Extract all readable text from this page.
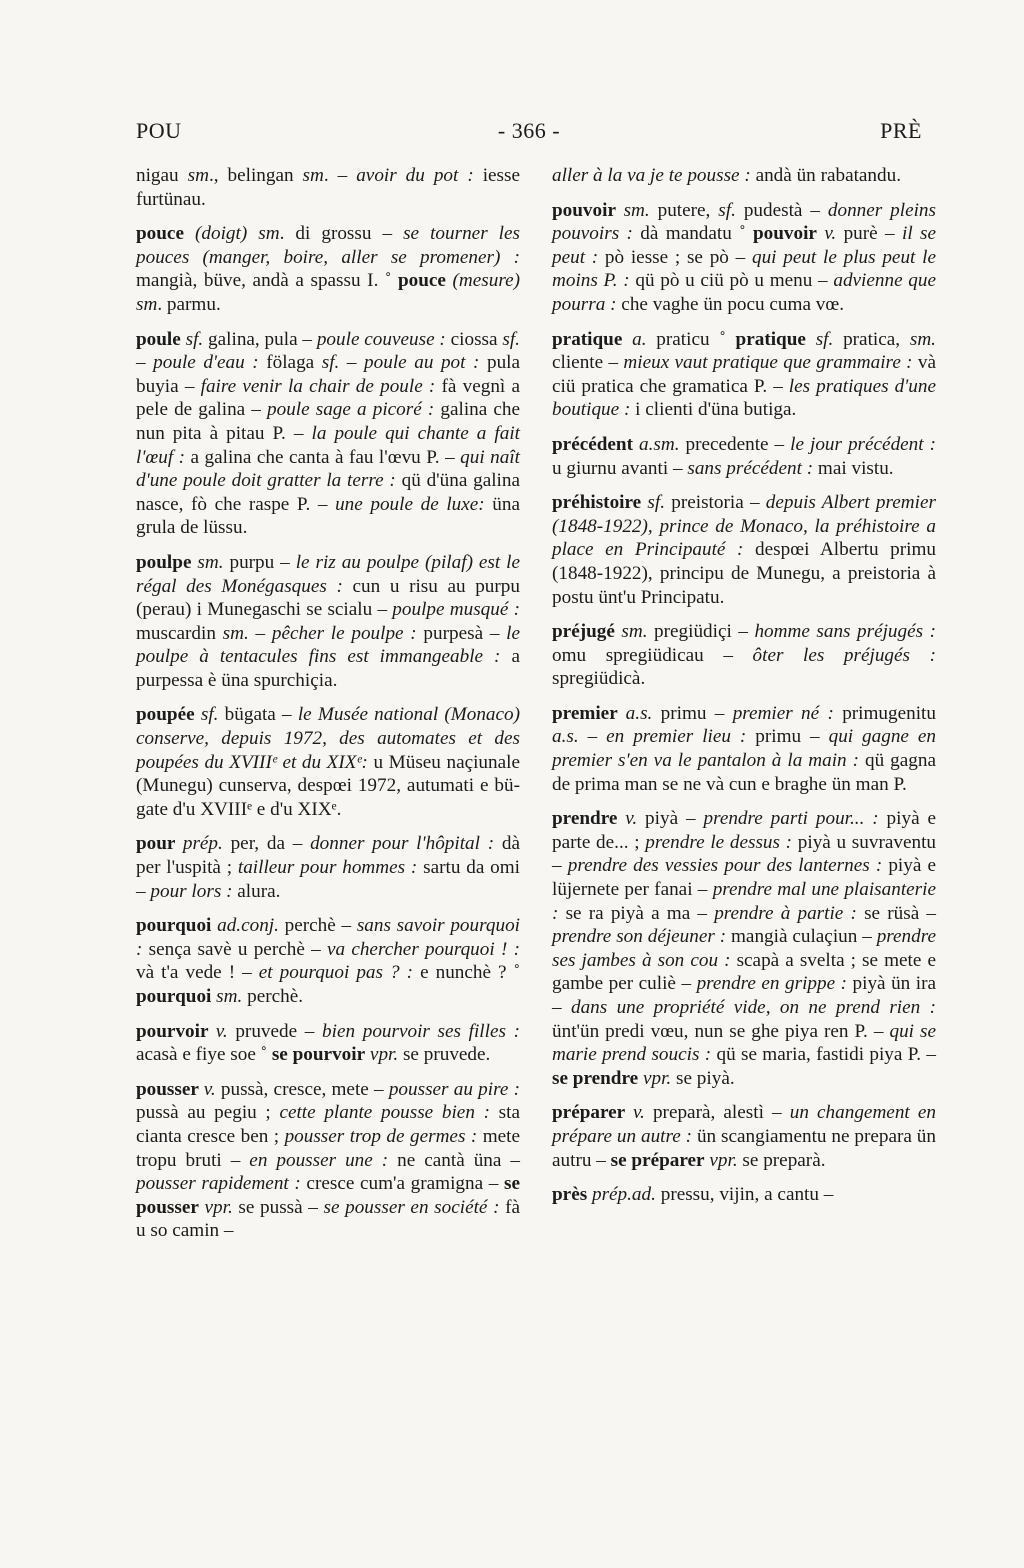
POU	- 366 -	PRÈ

nigau sm., belingan sm. – avoir du pot : iesse furtünau.

pouce (doigt) sm. di grossu – se tourner les pouces (manger, boire, aller se promener) : mangià, büve, andà a spassu I. ˚ pouce (mesure) sm. parmu.

poule sf. galina, pula – poule couveuse : ciossa sf. – poule d'eau : fölaga sf. – poule au pot : pula buyia – faire venir la chair de poule : fà vegnì a pele de galina – poule sage a picoré : galina che nun pita à pitau P. – la poule qui chante a fait l'œuf : a galina che canta à fau l'œvu P. – qui naît d'une poule doit gratter la terre : qü d'üna galina nasce, fò che raspe P. – une poule de luxe: üna grula de lüssu.

poulpe sm. purpu – le riz au poulpe (pilaf) est le régal des Monégasques : cun u risu au purpu (perau) i Munegaschi se scialu – poulpe musqué : muscardin sm. – pêcher le poulpe : purpesà – le poulpe à tentacules fins est immangeable : a purpessa è üna spurchiçia.

poupée sf. bügata – le Musée national (Monaco) conserve, depuis 1972, des automates et des poupées du XVIIIᵉ et du XIXᵉ: u Müseu naçiunale (Munegu) cunserva, despœi 1972, autumati e bügate d'u XVIIIᵉ e d'u XIXᵉ.

pour prép. per, da – donner pour l'hôpital : dà per l'uspità ; tailleur pour hommes : sartu da omi – pour lors : alura.

pourquoi ad.conj. perchè – sans savoir pourquoi : sença savè u perchè – va chercher pourquoi ! : và t'a vede ! – et pourquoi pas ? : e nunchè ? ˚ pourquoi sm. perchè.

pourvoir v. pruvede – bien pourvoir ses filles : acasà e fiye soe ˚ se pourvoir vpr. se pruvede.

pousser v. pussà, cresce, mete – pousser au pire : pussà au pegiu ; cette plante pousse bien : sta cianta cresce ben ; pousser trop de germes : mete tropu bruti – en pousser une : ne cantà üna – pousser rapidement : cresce cum'a gramigna – se pousser vpr. se pussà – se pousser en société : fà u so camin –

aller à la va je te pousse : andà ün rabatandu.

pouvoir sm. putere, sf. pudestà – donner pleins pouvoirs : dà mandatu ˚ pouvoir v. purè – il se peut : pò iesse ; se pò – qui peut le plus peut le moins P. : qü pò u ciü pò u menu – advienne que pourra : che vaghe ün pocu cuma vœ.

pratique a. praticu ˚ pratique sf. pratica, sm. cliente – mieux vaut pratique que grammaire : và ciü pratica che gramatica P. – les pratiques d'une boutique : i clienti d'üna butiga.

précédent a.sm. precedente – le jour précédent : u giurnu avanti – sans précédent : mai vistu.

préhistoire sf. preistoria – depuis Albert premier (1848-1922), prince de Monaco, la préhistoire a place en Principauté : despœi Albertu primu (1848-1922), principu de Munegu, a preistoria à postu ünt'u Principatu.

préjugé sm. pregiüdiçi – homme sans préjugés : omu spregiüdicau – ôter les préjugés : spregiüdicà.

premier a.s. primu – premier né : primugenitu a.s. – en premier lieu : primu – qui gagne en premier s'en va le pantalon à la main : qü gagna de prima man se ne và cun e braghe ün man P.

prendre v. piyà – prendre parti pour... : piyà e parte de... ; prendre le dessus : piyà u suvraventu – prendre des vessies pour des lanternes : piyà e lüjernete per fanai – prendre mal une plaisanterie : se ra piyà a ma – prendre à partie : se rüsà – prendre son déjeuner : mangià culaçiun – prendre ses jambes à son cou : scapà a svelta ; se mete e gambe per culiè – prendre en grippe : piyà ün ira – dans une propriété vide, on ne prend rien : ünt'ün predi vœu, nun se ghe piya ren P. – qui se marie prend soucis : qü se maria, fastidi piya P. – se prendre vpr. se piyà.

préparer v. preparà, alestì – un changement en prépare un autre : ün scangiamentu ne prepara ün autru – se préparer vpr. se preparà.

près prép.ad. pressu, vijin, a cantu –
